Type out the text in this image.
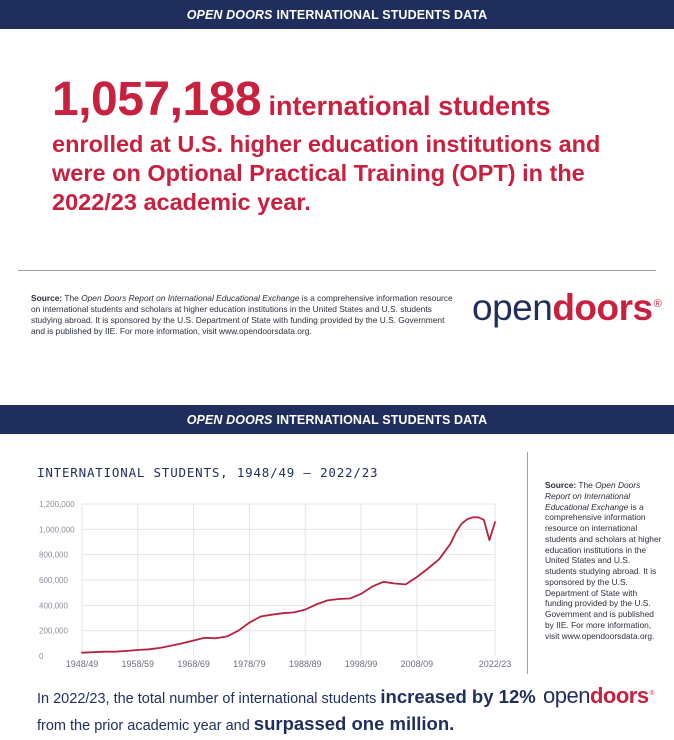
OPEN DOORS INTERNATIONAL STUDENTS DATA
1,057,188 international students
enrolled at U.S. higher education institutions and were on Optional Practical Training (OPT) in the 2022/23 academic year.
Source: The Open Doors Report on International Educational Exchange is a comprehensive information resource on international students and scholars at higher education institutions in the United States and U.S. students studying abroad. It is sponsored by the U.S. Department of State with funding provided by the U.S. Government and is published by IIE. For more information, visit www.opendoorsdata.org.
opendoors®
OPEN DOORS INTERNATIONAL STUDENTS DATA
INTERNATIONAL STUDENTS, 1948/49 – 2022/23
0
200,000
400,000
600,000
800,000
1,000,000
1,200,000
1948/49	1958/59	1968/69	1978/79	1988/89	1998/99	2008/09	2022/23
Source: The Open Doors Report on International Educational Exchange is a comprehensive information resource on international students and scholars at higher education institutions in the United States and U.S. students studying abroad. It is sponsored by the U.S. Department of State with funding provided by the U.S. Government and is published by IIE. For more information, visit www.opendoorsdata.org.
In 2022/23, the total number of international students increased by 12%
from the prior academic year and surpassed one million.
opendoors®
